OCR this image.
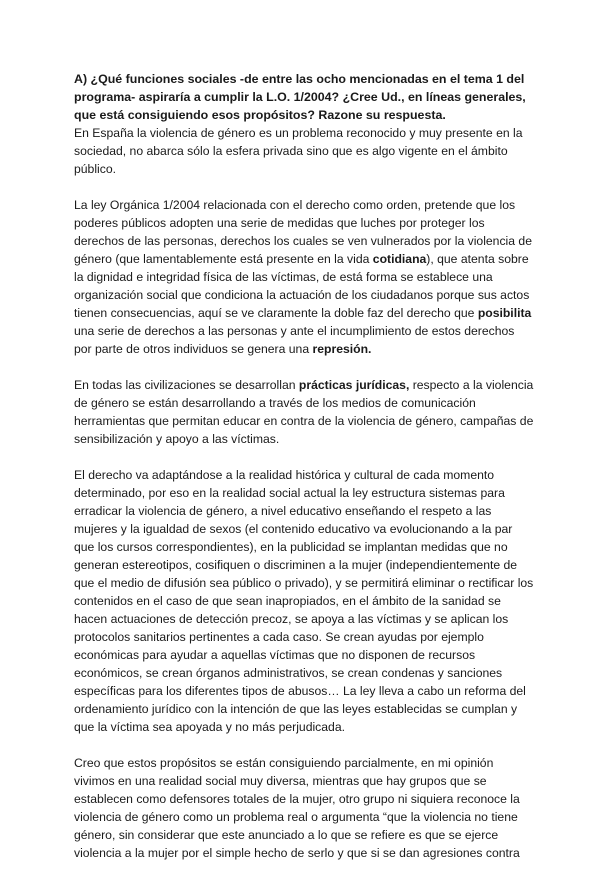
A) ¿Qué funciones sociales -de entre las ocho mencionadas en el tema 1 del programa- aspiraría a cumplir la L.O. 1/2004? ¿Cree Ud., en líneas generales, que está consiguiendo esos propósitos? Razone su respuesta.

En España la violencia de género es un problema reconocido y muy presente en la sociedad, no abarca sólo la esfera privada sino que es algo vigente en el ámbito público.

La ley Orgánica 1/2004 relacionada con el derecho como orden, pretende que los poderes públicos adopten una serie de medidas que luches por proteger los derechos de las personas, derechos los cuales se ven vulnerados por la violencia de género (que lamentablemente está presente en la vida cotidiana), que atenta sobre la dignidad e integridad física de las víctimas, de está forma se establece una organización social que condiciona la actuación de los ciudadanos porque sus actos tienen consecuencias, aquí se ve claramente la doble faz del derecho que posibilita una serie de derechos a las personas y ante el incumplimiento de estos derechos por parte de otros individuos se genera una represión.

En todas las civilizaciones se desarrollan prácticas jurídicas, respecto a la violencia de género se están desarrollando a través de los medios de comunicación herramientas que permitan educar en contra de la violencia de género, campañas de sensibilización y apoyo a las víctimas.

El derecho va adaptándose a la realidad histórica y cultural de cada momento determinado, por eso en la realidad social actual la ley estructura sistemas para erradicar la violencia de género, a nivel educativo enseñando el respeto a las mujeres y la igualdad de sexos (el contenido educativo va evolucionando a la par que los cursos correspondientes), en la publicidad se implantan medidas que no generan estereotipos, cosifiquen o discriminen a la mujer (independientemente de que el medio de difusión sea público o privado), y se permitirá eliminar o rectificar los contenidos en el caso de que sean inapropiados, en el ámbito de la sanidad se hacen actuaciones de detección precoz, se apoya a las víctimas y se aplican los protocolos sanitarios pertinentes a cada caso. Se crean ayudas por ejemplo económicas para ayudar a aquellas víctimas que no disponen de recursos económicos, se crean órganos administrativos, se crean condenas y sanciones específicas para los diferentes tipos de abusos… La ley lleva a cabo un reforma del ordenamiento jurídico con la intención de que las leyes establecidas se cumplan y que la víctima sea apoyada y no más perjudicada.

Creo que estos propósitos se están consiguiendo parcialmente, en mi opinión vivimos en una realidad social muy diversa, mientras que hay grupos que se establecen como defensores totales de la mujer, otro grupo ni siquiera reconoce la violencia de género como un problema real o argumenta “que la violencia no tiene género, sin considerar que este anunciado a lo que se refiere es que se ejerce violencia a la mujer por el simple hecho de serlo y que si se dan agresiones contra
